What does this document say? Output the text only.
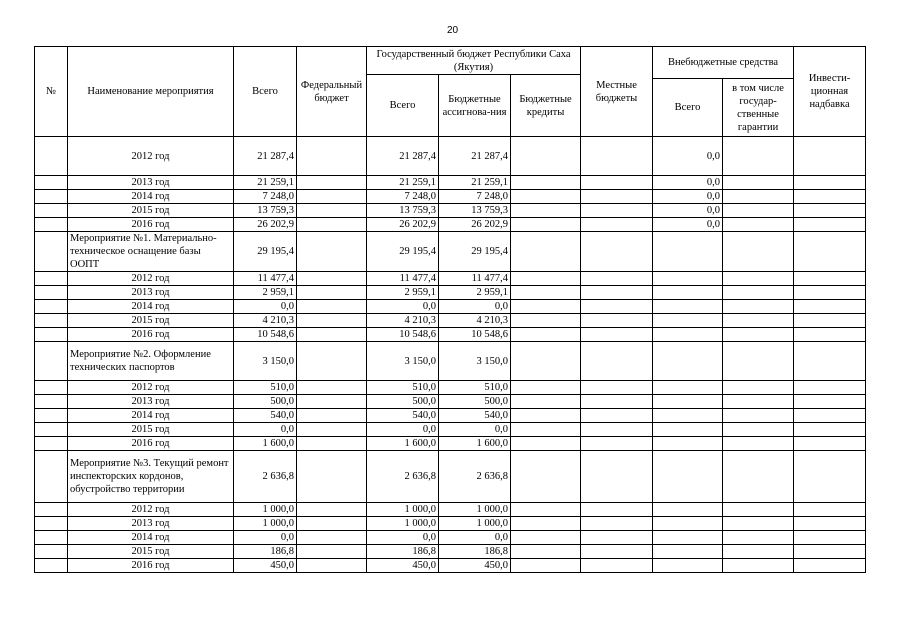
20
№	Наименование мероприятия	Всего	Федеральный бюджет	Государственный бюджет Республики Саха (Якутия)			Местные бюджеты	Внебюджетные средства		Инвести-ционная надбавка
				Всего	Бюджетные ассигнова-ния	Бюджетные кредиты				
								Всего	в том числе государ-ственные гарантии	
	2012 год	21 287,4		21 287,4	21 287,4			0,0		
	2013 год	21 259,1		21 259,1	21 259,1			0,0		
	2014 год	7 248,0		7 248,0	7 248,0			0,0		
	2015 год	13 759,3		13 759,3	13 759,3			0,0		
	2016 год	26 202,9		26 202,9	26 202,9			0,0		
	Мероприятие №1. Материально-техническое оснащение базы ООПТ	29 195,4		29 195,4	29 195,4					
	2012 год	11 477,4		11 477,4	11 477,4					
	2013 год	2 959,1		2 959,1	2 959,1					
	2014 год	0,0		0,0	0,0					
	2015 год	4 210,3		4 210,3	4 210,3					
	2016 год	10 548,6		10 548,6	10 548,6					
	Мероприятие №2. Оформление технических паспортов	3 150,0		3 150,0	3 150,0					
	2012 год	510,0		510,0	510,0					
	2013 год	500,0		500,0	500,0					
	2014 год	540,0		540,0	540,0					
	2015 год	0,0		0,0	0,0					
	2016 год	1 600,0		1 600,0	1 600,0					
	Мероприятие №3. Текущий ремонт инспекторских кордонов, обустройство территории	2 636,8		2 636,8	2 636,8					
	2012 год	1 000,0		1 000,0	1 000,0					
	2013 год	1 000,0		1 000,0	1 000,0					
	2014 год	0,0		0,0	0,0					
	2015 год	186,8		186,8	186,8					
	2016 год	450,0		450,0	450,0					
